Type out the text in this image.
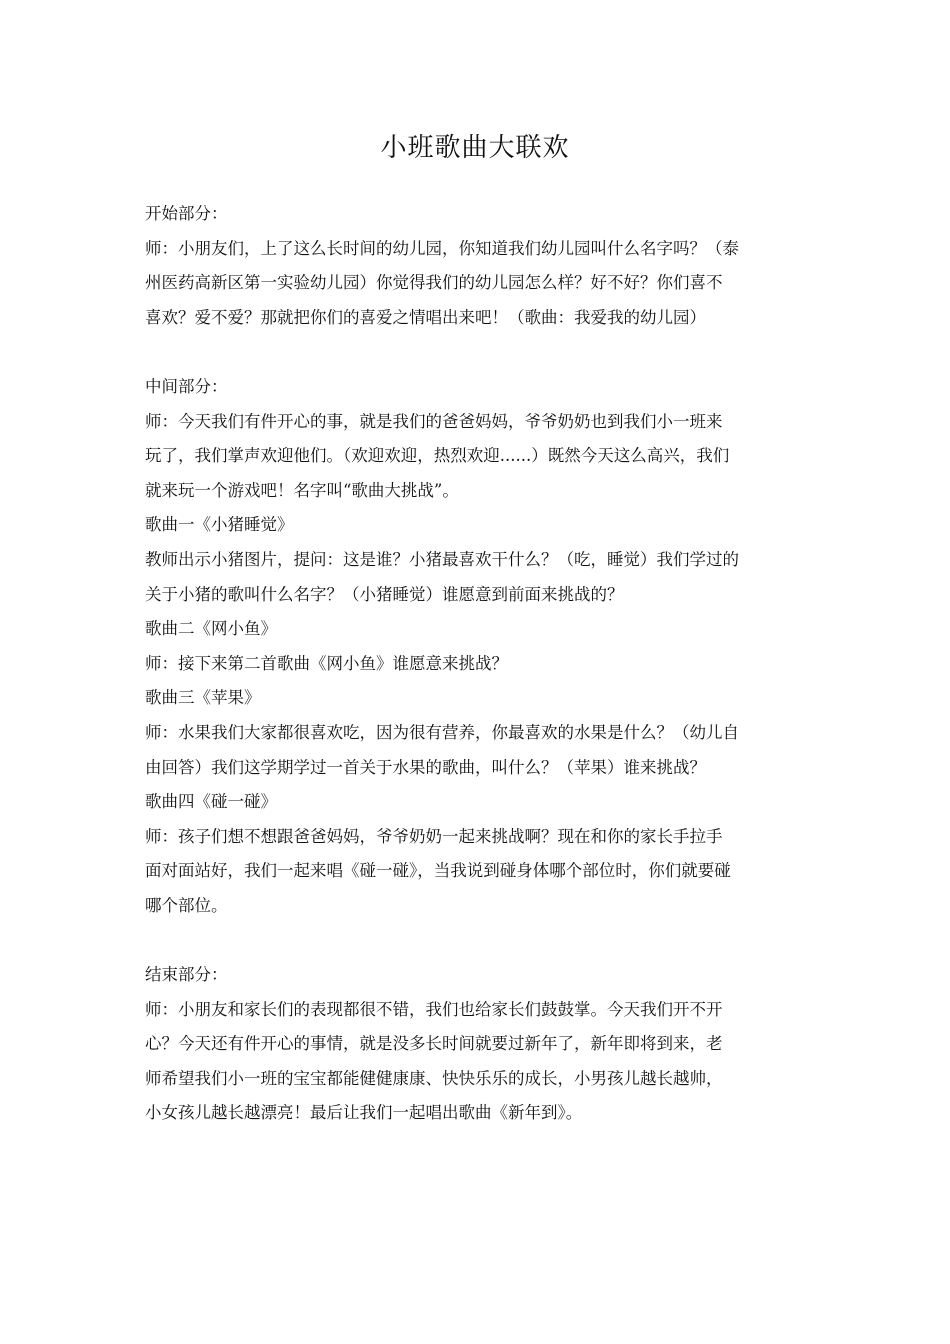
小班歌曲大联欢
开始部分：
师：小朋友们，上了这么长时间的幼儿园，你知道我们幼儿园叫什么名字吗？（泰
州医药高新区第一实验幼儿园）你觉得我们的幼儿园怎么样？好不好？你们喜不
喜欢？爱不爱？那就把你们的喜爱之情唱出来吧！（歌曲：我爱我的幼儿园）
中间部分：
师：今天我们有件开心的事，就是我们的爸爸妈妈，爷爷奶奶也到我们小一班来
玩了，我们掌声欢迎他们。（欢迎欢迎，热烈欢迎......）既然今天这么高兴，我们
就来玩一个游戏吧！名字叫“歌曲大挑战”。
歌曲一《小猪睡觉》
教师出示小猪图片，提问：这是谁？小猪最喜欢干什么？（吃，睡觉）我们学过的
关于小猪的歌叫什么名字？（小猪睡觉）谁愿意到前面来挑战的？
歌曲二《网小鱼》
师：接下来第二首歌曲《网小鱼》谁愿意来挑战？
歌曲三《苹果》
师：水果我们大家都很喜欢吃，因为很有营养，你最喜欢的水果是什么？（幼儿自
由回答）我们这学期学过一首关于水果的歌曲，叫什么？（苹果）谁来挑战？
歌曲四《碰一碰》
师：孩子们想不想跟爸爸妈妈，爷爷奶奶一起来挑战啊？现在和你的家长手拉手
面对面站好，我们一起来唱《碰一碰》，当我说到碰身体哪个部位时，你们就要碰
哪个部位。
结束部分：
师：小朋友和家长们的表现都很不错，我们也给家长们鼓鼓掌。今天我们开不开
心？今天还有件开心的事情，就是没多长时间就要过新年了，新年即将到来，老
师希望我们小一班的宝宝都能健健康康、快快乐乐的成长，小男孩儿越长越帅，
小女孩儿越长越漂亮！最后让我们一起唱出歌曲《新年到》。
